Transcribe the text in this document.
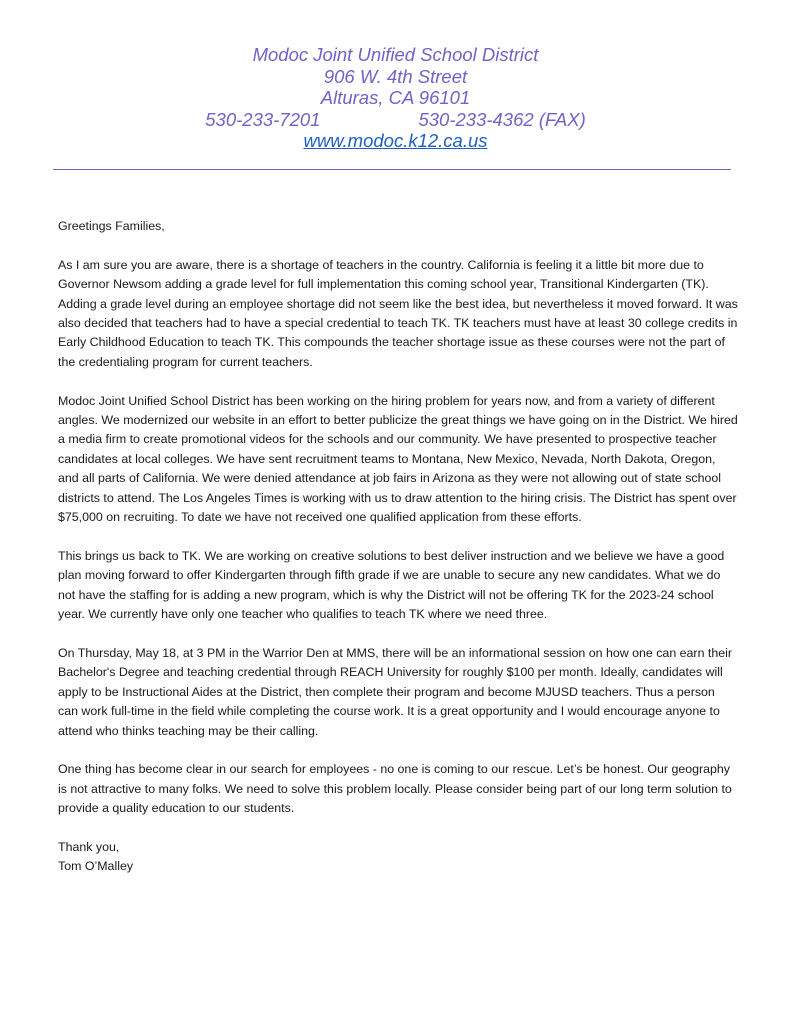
Modoc Joint Unified School District
906 W. 4th Street
Alturas, CA 96101
530-233-7201	530-233-4362 (FAX)
www.modoc.k12.ca.us

Greetings Families,

As I am sure you are aware, there is a shortage of teachers in the country. California is feeling it a little bit more due to Governor Newsom adding a grade level for full implementation this coming school year, Transitional Kindergarten (TK). Adding a grade level during an employee shortage did not seem like the best idea, but nevertheless it moved forward. It was also decided that teachers had to have a special credential to teach TK. TK teachers must have at least 30 college credits in Early Childhood Education to teach TK. This compounds the teacher shortage issue as these courses were not the part of the credentialing program for current teachers.

Modoc Joint Unified School District has been working on the hiring problem for years now, and from a variety of different angles. We modernized our website in an effort to better publicize the great things we have going on in the District. We hired a media firm to create promotional videos for the schools and our community. We have presented to prospective teacher candidates at local colleges. We have sent recruitment teams to Montana, New Mexico, Nevada, North Dakota, Oregon, and all parts of California. We were denied attendance at job fairs in Arizona as they were not allowing out of state school districts to attend. The Los Angeles Times is working with us to draw attention to the hiring crisis. The District has spent over $75,000 on recruiting. To date we have not received one qualified application from these efforts.

This brings us back to TK. We are working on creative solutions to best deliver instruction and we believe we have a good plan moving forward to offer Kindergarten through fifth grade if we are unable to secure any new candidates. What we do not have the staffing for is adding a new program, which is why the District will not be offering TK for the 2023-24 school year. We currently have only one teacher who qualifies to teach TK where we need three.

On Thursday, May 18, at 3 PM in the Warrior Den at MMS, there will be an informational session on how one can earn their Bachelor's Degree and teaching credential through REACH University for roughly $100 per month. Ideally, candidates will apply to be Instructional Aides at the District, then complete their program and become MJUSD teachers. Thus a person can work full-time in the field while completing the course work. It is a great opportunity and I would encourage anyone to attend who thinks teaching may be their calling.

One thing has become clear in our search for employees - no one is coming to our rescue. Let’s be honest. Our geography is not attractive to many folks. We need to solve this problem locally. Please consider being part of our long term solution to provide a quality education to our students.

Thank you,

Tom O’Malley
